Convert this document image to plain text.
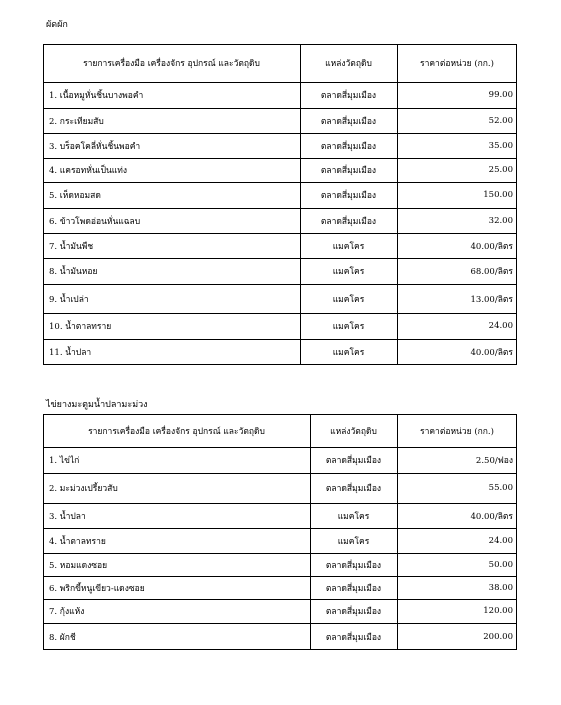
ผัดผัก
รายการเครื่องมือ เครื่องจักร อุปกรณ์ และวัตถุดิบ	แหล่งวัตถุดิบ	ราคาต่อหน่วย (กก.)
1. เนื้อหมูหั่นชิ้นบางพอคำ	ตลาดสี่มุมเมือง	99.00
2. กระเทียมสับ	ตลาดสี่มุมเมือง	52.00
3. บร็อคโคลี่หั่นชิ้นพอคำ	ตลาดสี่มุมเมือง	35.00
4. แครอทหั่นเป็นแท่ง	ตลาดสี่มุมเมือง	25.00
5. เห็ดหอมสด	ตลาดสี่มุมเมือง	150.00
6. ข้าวโพดอ่อนหั่นแฉลบ	ตลาดสี่มุมเมือง	32.00
7. น้ำมันพืช	แมคโคร	40.00/ลิตร
8. น้ำมันหอย	แมคโคร	68.00/ลิตร
9. น้ำเปล่า	แมคโคร	13.00/ลิตร
10. น้ำตาลทราย	แมคโคร	24.00
11. น้ำปลา	แมคโคร	40.00/ลิตร
ไข่ยางมะตูมน้ำปลามะม่วง
รายการเครื่องมือ เครื่องจักร อุปกรณ์ และวัตถุดิบ	แหล่งวัตถุดิบ	ราคาต่อหน่วย (กก.)
1. ไข่ไก่	ตลาดสี่มุมเมือง	2.50/ฟอง
2. มะม่วงเปรี้ยวสับ	ตลาดสี่มุมเมือง	55.00
3. น้ำปลา	แมคโคร	40.00/ลิตร
4. น้ำตาลทราย	แมคโคร	24.00
5. หอมแดงซอย	ตลาดสี่มุมเมือง	50.00
6. พริกขี้หนูเขียว-แดงซอย	ตลาดสี่มุมเมือง	38.00
7. กุ้งแห้ง	ตลาดสี่มุมเมือง	120.00
8. ผักชี	ตลาดสี่มุมเมือง	200.00
